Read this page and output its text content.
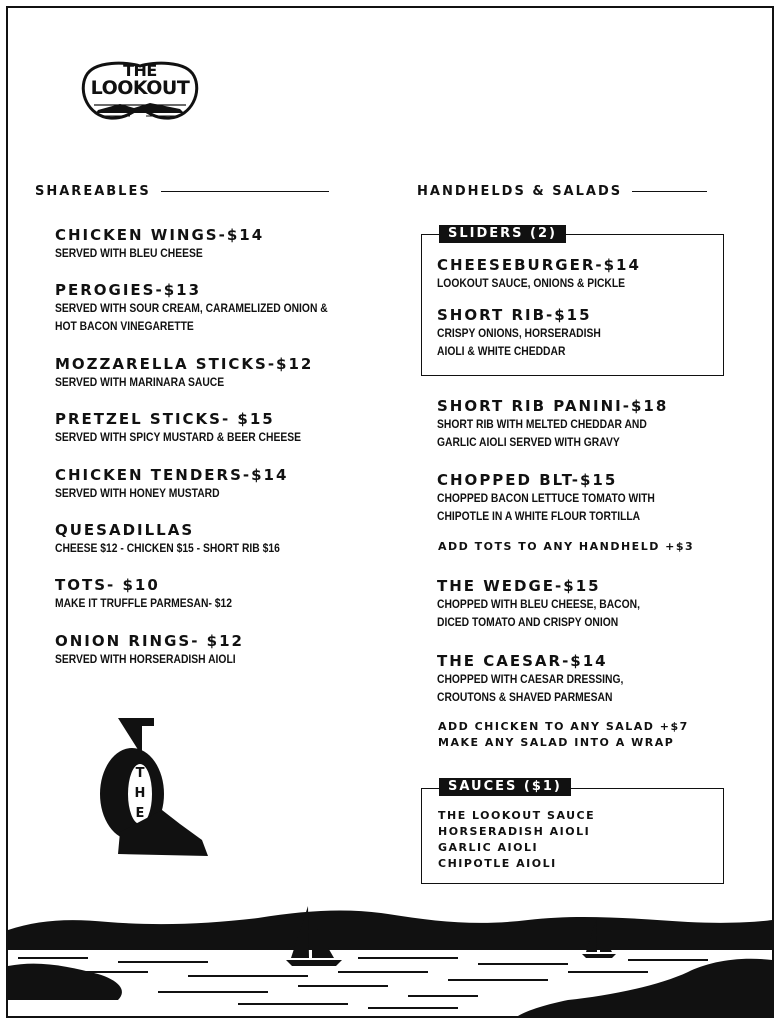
THE
LOOKOUT
SHAREABLES	HANDHELDS & SALADS
CHICKEN WINGS-$14
SERVED WITH BLEU CHEESE
PEROGIES-$13
SERVED WITH SOUR CREAM, CARAMELIZED ONION &
HOT BACON VINEGARETTE
MOZZARELLA STICKS-$12
SERVED WITH MARINARA SAUCE
PRETZEL STICKS- $15
SERVED WITH SPICY MUSTARD & BEER CHEESE
CHICKEN TENDERS-$14
SERVED WITH HONEY MUSTARD
QUESADILLAS
CHEESE $12 - CHICKEN $15 - SHORT RIB $16
TOTS- $10
MAKE IT TRUFFLE PARMESAN- $12
ONION RINGS- $12
SERVED WITH HORSERADISH AIOLI
T
H
E
SLIDERS (2)
CHEESEBURGER-$14
LOOKOUT SAUCE, ONIONS & PICKLE
SHORT RIB-$15
CRISPY ONIONS, HORSERADISH
AIOLI & WHITE CHEDDAR
SHORT RIB PANINI-$18
SHORT RIB WITH MELTED CHEDDAR AND
GARLIC AIOLI SERVED WITH GRAVY
CHOPPED BLT-$15
CHOPPED BACON LETTUCE TOMATO WITH
CHIPOTLE IN A WHITE FLOUR TORTILLA
ADD TOTS TO ANY HANDHELD +$3
THE WEDGE-$15
CHOPPED WITH BLEU CHEESE, BACON,
DICED TOMATO AND CRISPY ONION
THE CAESAR-$14
CHOPPED WITH CAESAR DRESSING,
CROUTONS & SHAVED PARMESAN
ADD CHICKEN TO ANY SALAD +$7
MAKE ANY SALAD INTO A WRAP
SAUCES ($1)
THE LOOKOUT SAUCE
HORSERADISH AIOLI
GARLIC AIOLI
CHIPOTLE AIOLI
